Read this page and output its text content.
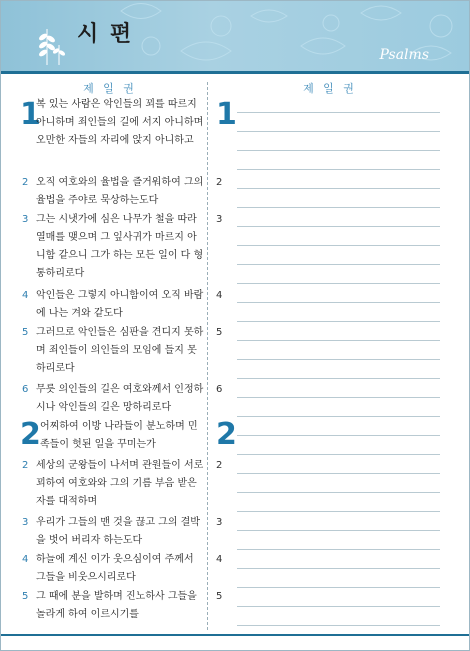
시 편
Psalms
제 일 권
1
복 있는 사람은 악인들의 꾀를 따르지 아니하며 죄인들의 길에 서지 아니하며 오만한 자들의 자리에 앉지 아니하고
2 오직 여호와의 율법을 즐거워하여 그의 율법을 주야로 묵상하는도다
3 그는 시냇가에 심은 나무가 철을 따라 열매를 맺으며 그 잎사귀가 마르지 아니함 같으니 그가 하는 모든 일이 다 형통하리로다
4 악인들은 그렇지 아니함이여 오직 바람에 나는 겨와 같도다
5 그러므로 악인들은 심판을 견디지 못하며 죄인들이 의인들의 모임에 들지 못하리로다
6 무릇 의인들의 길은 여호와께서 인정하시나 악인들의 길은 망하리로다
2 어찌하여 이방 나라들이 분노하며 민족들이 헛된 일을 꾸미는가
2 세상의 군왕들이 나서며 관원들이 서로 꾀하여 여호와와 그의 기름 부음 받은 자를 대적하며
3 우리가 그들의 맨 것을 끊고 그의 결박을 벗어 버리자 하는도다
4 하늘에 계신 이가 웃으심이여 주께서 그들을 비웃으시리로다
5 그 때에 분을 발하며 진노하사 그들을 놀라게 하여 이르시기를
제 일 권
1
2
3
4
5
6
2
2
3
4
5
